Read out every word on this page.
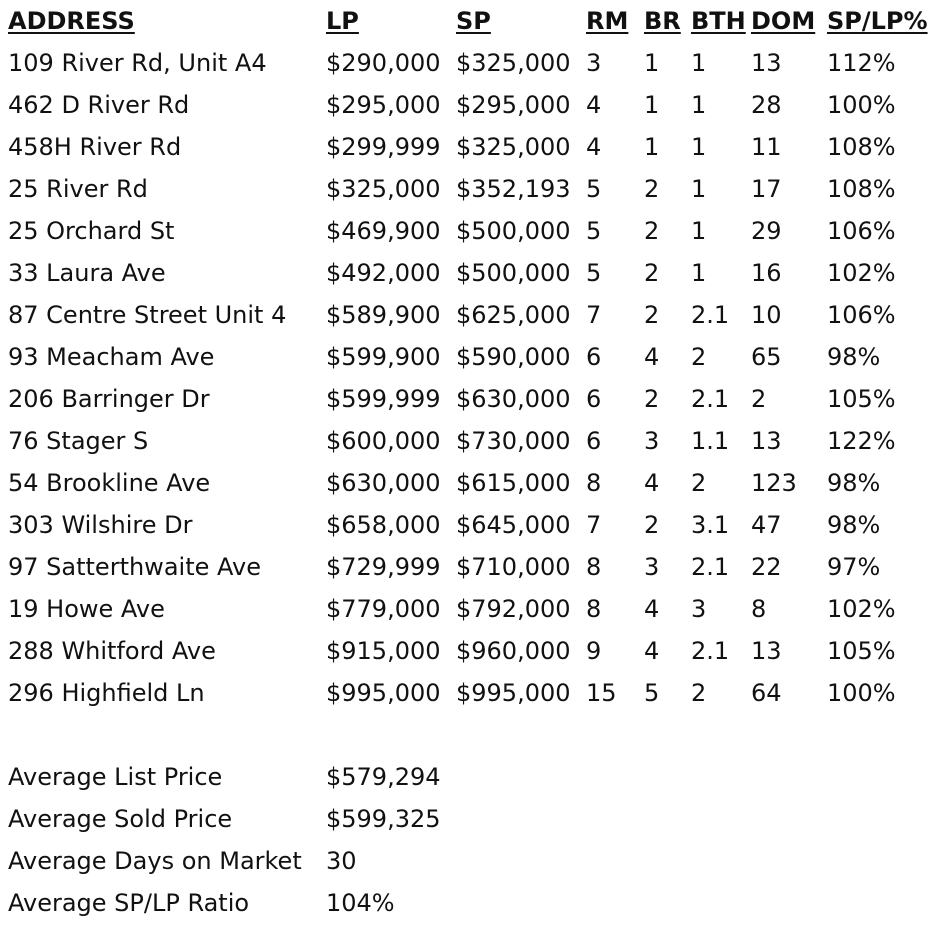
ADDRESS	LP	SP	RM	BR	BTH	DOM	SP/LP%
109 River Rd, Unit A4	$290,000	$325,000	3	1	1	13	112%
462 D River Rd	$295,000	$295,000	4	1	1	28	100%
458H River Rd	$299,999	$325,000	4	1	1	11	108%
25 River Rd	$325,000	$352,193	5	2	1	17	108%
25 Orchard St	$469,900	$500,000	5	2	1	29	106%
33 Laura Ave	$492,000	$500,000	5	2	1	16	102%
87 Centre Street Unit 4	$589,900	$625,000	7	2	2.1	10	106%
93 Meacham Ave	$599,900	$590,000	6	4	2	65	98%
206 Barringer Dr	$599,999	$630,000	6	2	2.1	2	105%
76 Stager S	$600,000	$730,000	6	3	1.1	13	122%
54 Brookline Ave	$630,000	$615,000	8	4	2	123	98%
303 Wilshire Dr	$658,000	$645,000	7	2	3.1	47	98%
97 Satterthwaite Ave	$729,999	$710,000	8	3	2.1	22	97%
19 Howe Ave	$779,000	$792,000	8	4	3	8	102%
288 Whitford Ave	$915,000	$960,000	9	4	2.1	13	105%
296 Highfield Ln	$995,000	$995,000	15	5	2	64	100%
Average List Price	$579,294
Average Sold Price	$599,325
Average Days on Market	30
Average SP/LP Ratio	104%
